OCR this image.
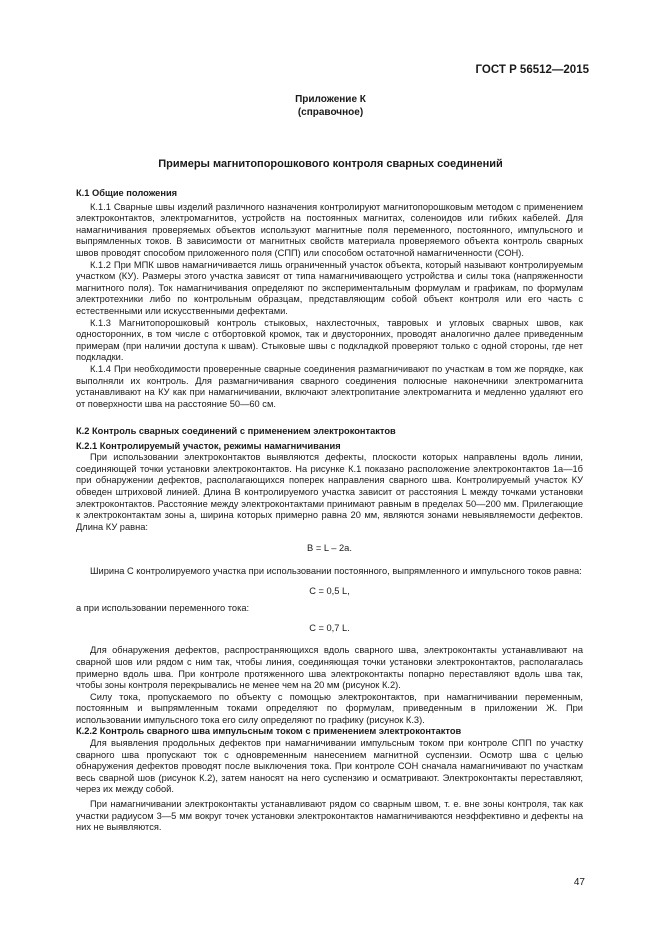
ГОСТ Р 56512—2015
Приложение К
(справочное)
Примеры магнитопорошкового контроля сварных соединений
К.1 Общие положения

К.1.1 Сварные швы изделий различного назначения контролируют магнитопорошковым методом с применением электроконтактов, электромагнитов, устройств на постоянных магнитах, соленоидов или гибких кабелей. Для намагничивания проверяемых объектов используют магнитные поля переменного, постоянного, импульсного и выпрямленных токов. В зависимости от магнитных свойств материала проверяемого объекта контроль сварных швов проводят способом приложенного поля (СПП) или способом остаточной намагниченности (СОН).

К.1.2 При МПК швов намагничивается лишь ограниченный участок объекта, который называют контролируемым участком (КУ). Размеры этого участка зависят от типа намагничивающего устройства и силы тока (напряженности магнитного поля). Ток намагничивания определяют по экспериментальным формулам и графикам, по формулам электротехники либо по контрольным образцам, представляющим собой объект контроля или его часть с естественными или искусственными дефектами.

К.1.3 Магнитопорошковый контроль стыковых, нахлесточных, тавровых и угловых сварных швов, как односторонних, в том числе с отбортовкой кромок, так и двусторонних, проводят аналогично далее приведенным примерам (при наличии доступа к швам). Стыковые швы с подкладкой проверяют только с одной стороны, где нет подкладки.

К.1.4 При необходимости проверенные сварные соединения размагничивают по участкам в том же порядке, как выполняли их контроль. Для размагничивания сварного соединения полюсные наконечники электромагнита устанавливают на КУ как при намагничивании, включают электропитание электромагнита и медленно удаляют его от поверхности шва на расстояние 50—60 см.

К.2 Контроль сварных соединений с применением электроконтактов
К.2.1 Контролируемый участок, режимы намагничивания

При использовании электроконтактов выявляются дефекты, плоскости которых направлены вдоль линии, соединяющей точки установки электроконтактов. На рисунке К.1 показано расположение электроконтактов 1а—1б при обнаружении дефектов, располагающихся поперек направления сварного шва. Контролируемый участок КУ обведен штриховой линией. Длина B контролируемого участка зависит от расстояния L между точками установки электроконтактов. Расстояние между электроконтактами принимают равным в пределах 50—200 мм. Прилегающие к электроконтактам зоны а, ширина которых примерно равна 20 мм, являются зонами невыявляемости дефектов. Длина КУ равна:

B = L – 2a.

Ширина C контролируемого участка при использовании постоянного, выпрямленного и импульсного токов равна:

C = 0,5 L,

а при использовании переменного тока:

C = 0,7 L.

Для обнаружения дефектов, распространяющихся вдоль сварного шва, электроконтакты устанавливают на сварной шов или рядом с ним так, чтобы линия, соединяющая точки установки электроконтактов, располагалась примерно вдоль шва. При контроле протяженного шва электроконтакты попарно переставляют вдоль шва так, чтобы зоны контроля перекрывались не менее чем на 20 мм (рисунок К.2).

Силу тока, пропускаемого по объекту с помощью электроконтактов, при намагничивании переменным, постоянным и выпрямленным токами определяют по формулам, приведенным в приложении Ж. При использовании импульсного тока его силу определяют по графику (рисунок К.3).

К.2.2 Контроль сварного шва импульсным током с применением электроконтактов

Для выявления продольных дефектов при намагничивании импульсным током при контроле СПП по участку сварного шва пропускают ток с одновременным нанесением магнитной суспензии. Осмотр шва с целью обнаружения дефектов проводят после выключения тока. При контроле СОН сначала намагничивают по участкам весь сварной шов (рисунок К.2), затем наносят на него суспензию и осматривают. Электроконтакты переставляют, через их между собой.

При намагничивании электроконтакты устанавливают рядом со сварным швом, т. е. вне зоны контроля, так как участки радиусом 3—5 мм вокруг точек установки электроконтактов намагничиваются неэффективно и дефекты на них не выявляются.

47
